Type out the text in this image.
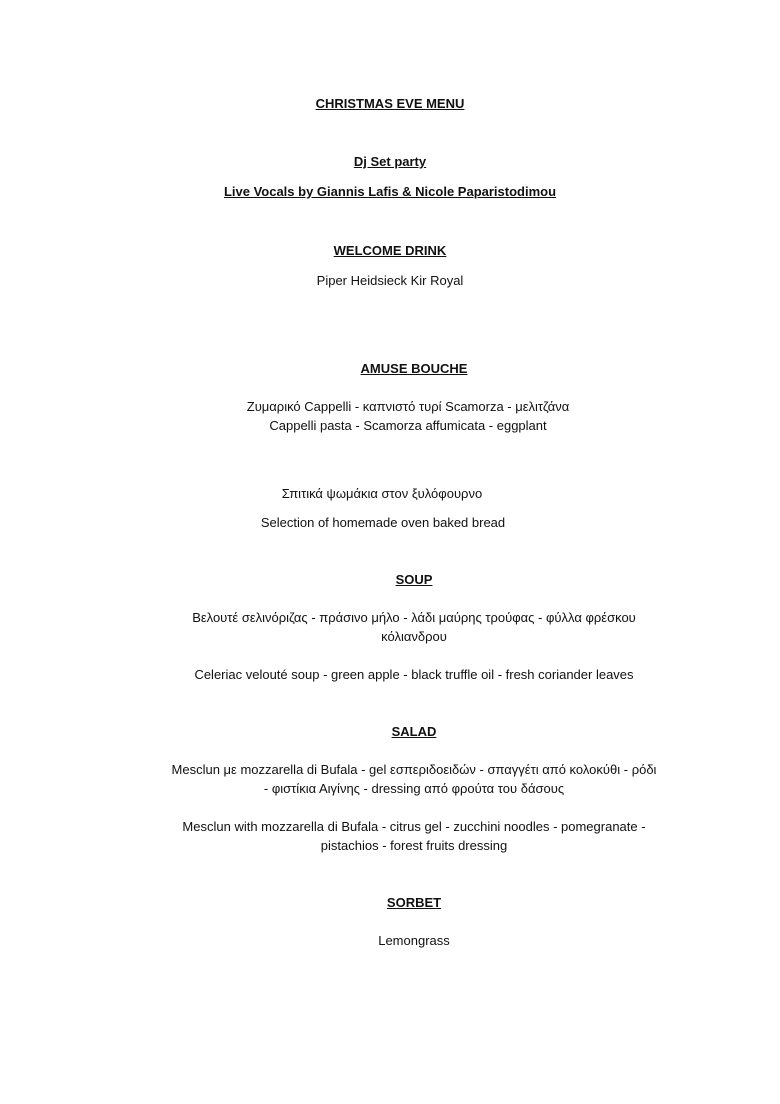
CHRISTMAS EVE MENU
Dj Set party
Live Vocals by Giannis Lafis & Nicole Paparistodimou
WELCOME DRINK
Piper Heidsieck Kir Royal
AMUSE BOUCHE
Ζυμαρικό Cappelli - καπνιστό τυρί Scamorza - μελιτζάνα
Cappelli pasta - Scamorza affumicata - eggplant
Σπιτικά ψωμάκια στον ξυλόφουρνο
Selection of homemade oven baked bread
SOUP
Βελουτέ σελινόριζας - πράσινο μήλο - λάδι μαύρης τρούφας - φύλλα φρέσκου
κόλιανδρου
Celeriac velouté soup - green apple - black truffle oil - fresh coriander leaves
SALAD
Mesclun με mozzarella di Bufala - gel εσπεριδοειδών - σπαγγέτι από κολοκύθι - ρόδι
- φιστίκια Αιγίνης - dressing από φρούτα του δάσους
Mesclun with mozzarella di Bufala - citrus gel - zucchini noodles - pomegranate -
pistachios - forest fruits dressing
SORBET
Lemongrass
